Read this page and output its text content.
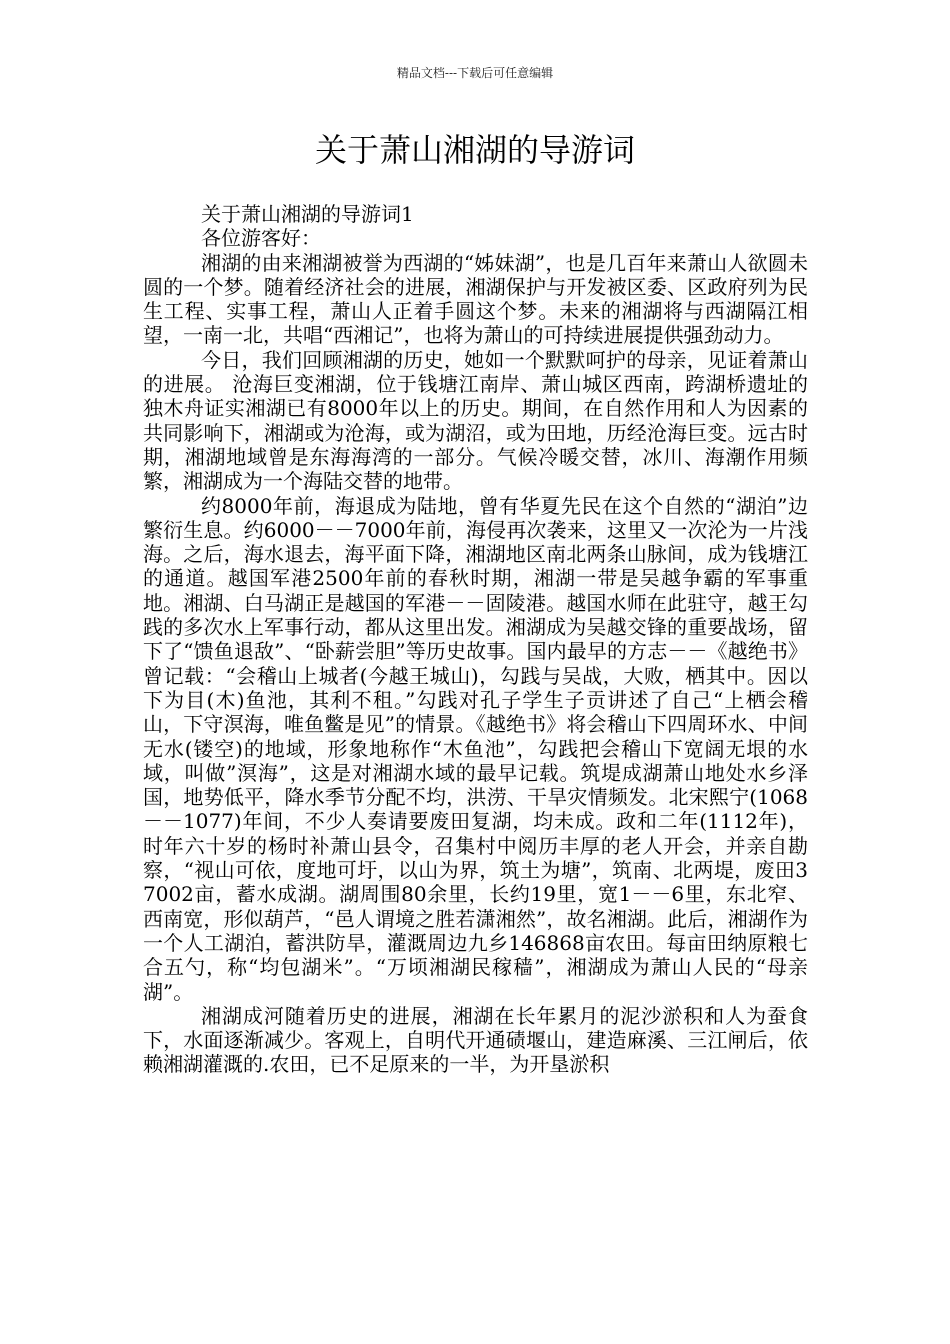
精品文档---下载后可任意编辑
关于萧山湘湖的导游词

关于萧山湘湖的导游词1

各位游客好：

湘湖的由来湘湖被誉为西湖的“姊妹湖”，也是几百年来萧山人欲圆未圆的一个梦。随着经济社会的进展，湘湖保护与开发被区委、区政府列为民生工程、实事工程，萧山人正着手圆这个梦。未来的湘湖将与西湖隔江相望，一南一北，共唱“西湘记”，也将为萧山的可持续进展提供强劲动力。

今日，我们回顾湘湖的历史，她如一个默默呵护的母亲，见证着萧山的进展。 沧海巨变湘湖，位于钱塘江南岸、萧山城区西南，跨湖桥遗址的独木舟证实湘湖已有8000年以上的历史。期间，在自然作用和人为因素的共同影响下，湘湖或为沧海，或为湖沼，或为田地，历经沧海巨变。远古时期，湘湖地域曾是东海海湾的一部分。气候冷暖交替，冰川、海潮作用频繁，湘湖成为一个海陆交替的地带。

约8000年前，海退成为陆地，曾有华夏先民在这个自然的“湖泊”边繁衍生息。约6000－－7000年前，海侵再次袭来，这里又一次沦为一片浅海。之后，海水退去，海平面下降，湘湖地区南北两条山脉间，成为钱塘江的通道。越国军港2500年前的春秋时期，湘湖一带是吴越争霸的军事重地。湘湖、白马湖正是越国的军港－－固陵港。越国水师在此驻守，越王勾践的多次水上军事行动，都从这里出发。湘湖成为吴越交锋的重要战场，留下了“馈鱼退敌”、“卧薪尝胆”等历史故事。国内最早的方志－－《越绝书》曾记载：“会稽山上城者(今越王城山)，勾践与吴战，大败，栖其中。因以下为目(木)鱼池，其利不租。”勾践对孔子学生子贡讲述了自己“上栖会稽山，下守溟海，唯鱼鳖是见”的情景。《越绝书》将会稽山下四周环水、中间无水(镂空)的地域，形象地称作“木鱼池”，勾践把会稽山下宽阔无垠的水域，叫做”溟海”，这是对湘湖水域的最早记载。筑堤成湖萧山地处水乡泽国，地势低平，降水季节分配不均，洪涝、干旱灾情频发。北宋熙宁(1068－－1077)年间，不少人奏请要废田复湖，均未成。政和二年(1112年)，时年六十岁的杨时补萧山县令，召集村中阅历丰厚的老人开会，并亲自勘察，“视山可依，度地可圩，以山为界，筑土为塘”，筑南、北两堤，废田37002亩，蓄水成湖。湖周围80余里，长约19里，宽1－－6里，东北窄、西南宽，形似葫芦，“邑人谓境之胜若潇湘然”，故名湘湖。此后，湘湖作为一个人工湖泊，蓄洪防旱，灌溉周边九乡146868亩农田。每亩田纳原粮七合五勺，称“均包湖米”。“万顷湘湖民稼穑”，湘湖成为萧山人民的“母亲湖”。

湘湖成河随着历史的进展，湘湖在长年累月的泥沙淤积和人为蚕食下，水面逐渐减少。客观上，自明代开通碛堰山，建造麻溪、三江闸后，依赖湘湖灌溉的.农田，已不足原来的一半，为开垦淤积
